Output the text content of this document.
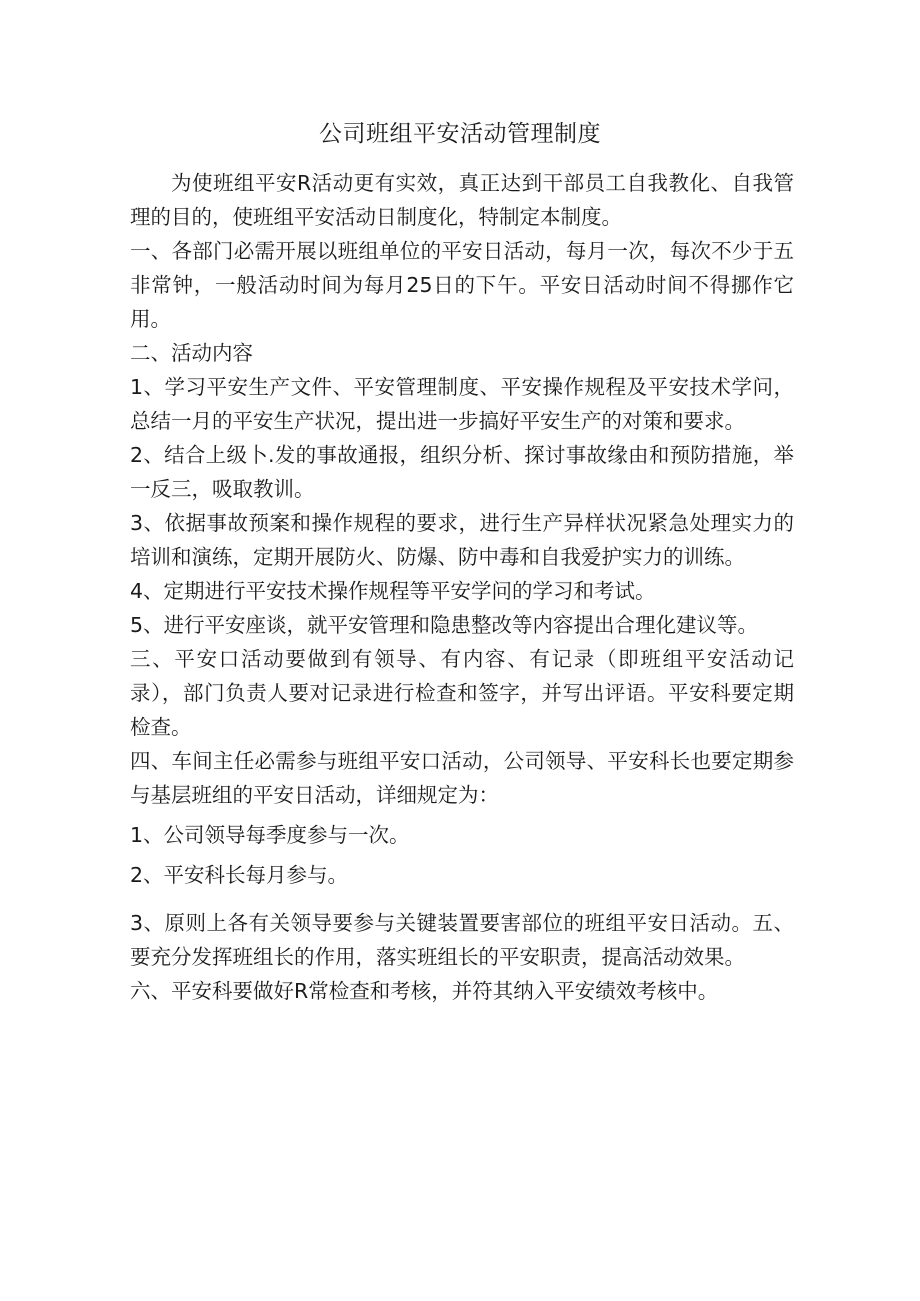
公司班组平安活动管理制度

为使班组平安R活动更有实效，真正达到干部员工自我教化、自我管理的目的，使班组平安活动日制度化，特制定本制度。

一、各部门必需开展以班组单位的平安日活动，每月一次，每次不少于五非常钟，一般活动时间为每月25日的下午。平安日活动时间不得挪作它用。

二、活动内容

1、学习平安生产文件、平安管理制度、平安操作规程及平安技术学问，总结一月的平安生产状况，提出进一步搞好平安生产的对策和要求。

2、结合上级卜.发的事故通报，组织分析、探讨事故缘由和预防措施，举一反三，吸取教训。

3、依据事故预案和操作规程的要求，进行生产异样状况紧急处理实力的培训和演练，定期开展防火、防爆、防中毒和自我爱护实力的训练。

4、定期进行平安技术操作规程等平安学问的学习和考试。

5、进行平安座谈，就平安管理和隐患整改等内容提出合理化建议等。

三、平安口活动要做到有领导、有内容、有记录（即班组平安活动记录），部门负责人要对记录进行检查和签字，并写出评语。平安科要定期检查。

四、车间主任必需参与班组平安口活动，公司领导、平安科长也要定期参与基层班组的平安日活动，详细规定为：

1、公司领导每季度参与一次。

2、平安科长每月参与。

3、原则上各有关领导要参与关键装置要害部位的班组平安日活动。五、要充分发挥班组长的作用，落实班组长的平安职责，提高活动效果。

六、平安科要做好R常检查和考核，并符其纳入平安绩效考核中。
